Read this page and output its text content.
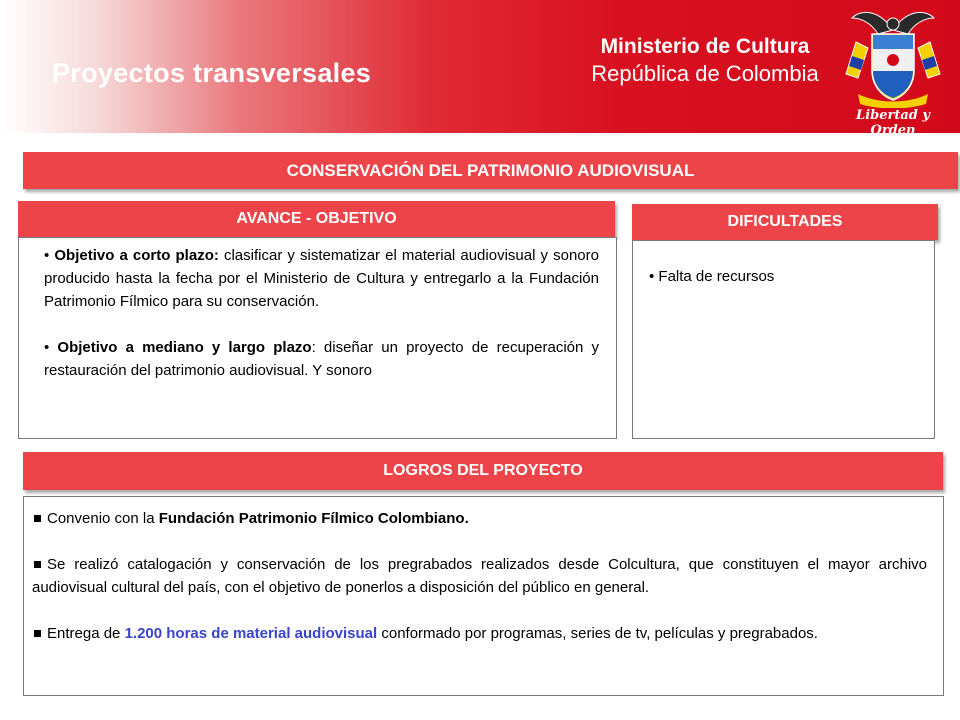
Proyectos transversales
Ministerio de Cultura
República de Colombia
Libertad y Orden
CONSERVACIÓN DEL PATRIMONIO AUDIOVISUAL
AVANCE - OBJETIVO
• Objetivo a corto plazo: clasificar y sistematizar el material audiovisual y sonoro producido hasta la fecha por el Ministerio de Cultura y entregarlo a la Fundación Patrimonio Fílmico para su conservación.
• Objetivo a mediano y largo plazo: diseñar un proyecto de recuperación y restauración del patrimonio audiovisual. Y sonoro
DIFICULTADES
• Falta de recursos
LOGROS DEL PROYECTO
Convenio con la Fundación Patrimonio Fílmico Colombiano.
Se realizó catalogación y conservación de los pregrabados realizados desde Colcultura, que constituyen el mayor archivo audiovisual cultural del país, con el objetivo de ponerlos a disposición del público en general.
Entrega de 1.200 horas de material audiovisual conformado por programas, series de tv, películas y pregrabados.
